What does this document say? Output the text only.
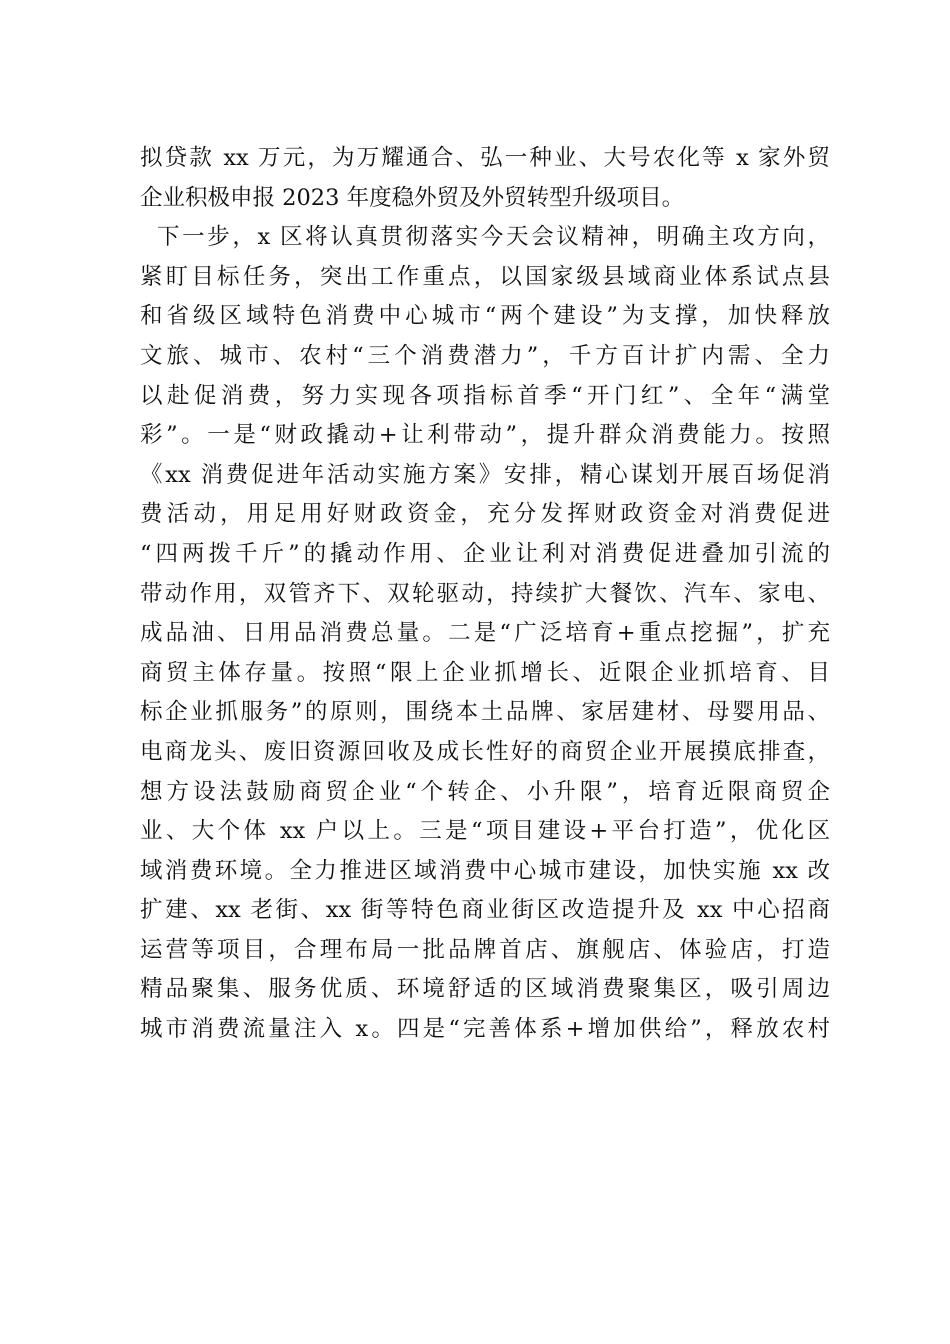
拟贷款 xx 万元，为万耀通合、弘一种业、大号农化等 x 家外贸
企业积极申报 2023 年度稳外贸及外贸转型升级项目。
下一步，x 区将认真贯彻落实今天会议精神，明确主攻方向，
紧盯目标任务，突出工作重点，以国家级县域商业体系试点县
和省级区域特色消费中心城市“两个建设”为支撑，加快释放
文旅、城市、农村“三个消费潜力”，千方百计扩内需、全力
以赴促消费，努力实现各项指标首季“开门红”、全年“满堂
彩”。一是“财政撬动+让利带动”，提升群众消费能力。按照
《xx 消费促进年活动实施方案》安排，精心谋划开展百场促消
费活动，用足用好财政资金，充分发挥财政资金对消费促进
“四两拨千斤”的撬动作用、企业让利对消费促进叠加引流的
带动作用，双管齐下、双轮驱动，持续扩大餐饮、汽车、家电、
成品油、日用品消费总量。二是“广泛培育+重点挖掘”，扩充
商贸主体存量。按照“限上企业抓增长、近限企业抓培育、目
标企业抓服务”的原则，围绕本土品牌、家居建材、母婴用品、
电商龙头、废旧资源回收及成长性好的商贸企业开展摸底排查，
想方设法鼓励商贸企业“个转企、小升限”，培育近限商贸企
业、大个体 xx 户以上。三是“项目建设+平台打造”，优化区
域消费环境。全力推进区域消费中心城市建设，加快实施 xx 改
扩建、xx 老街、xx 街等特色商业街区改造提升及 xx 中心招商
运营等项目，合理布局一批品牌首店、旗舰店、体验店，打造
精品聚集、服务优质、环境舒适的区域消费聚集区，吸引周边
城市消费流量注入 x。四是“完善体系+增加供给”，释放农村
